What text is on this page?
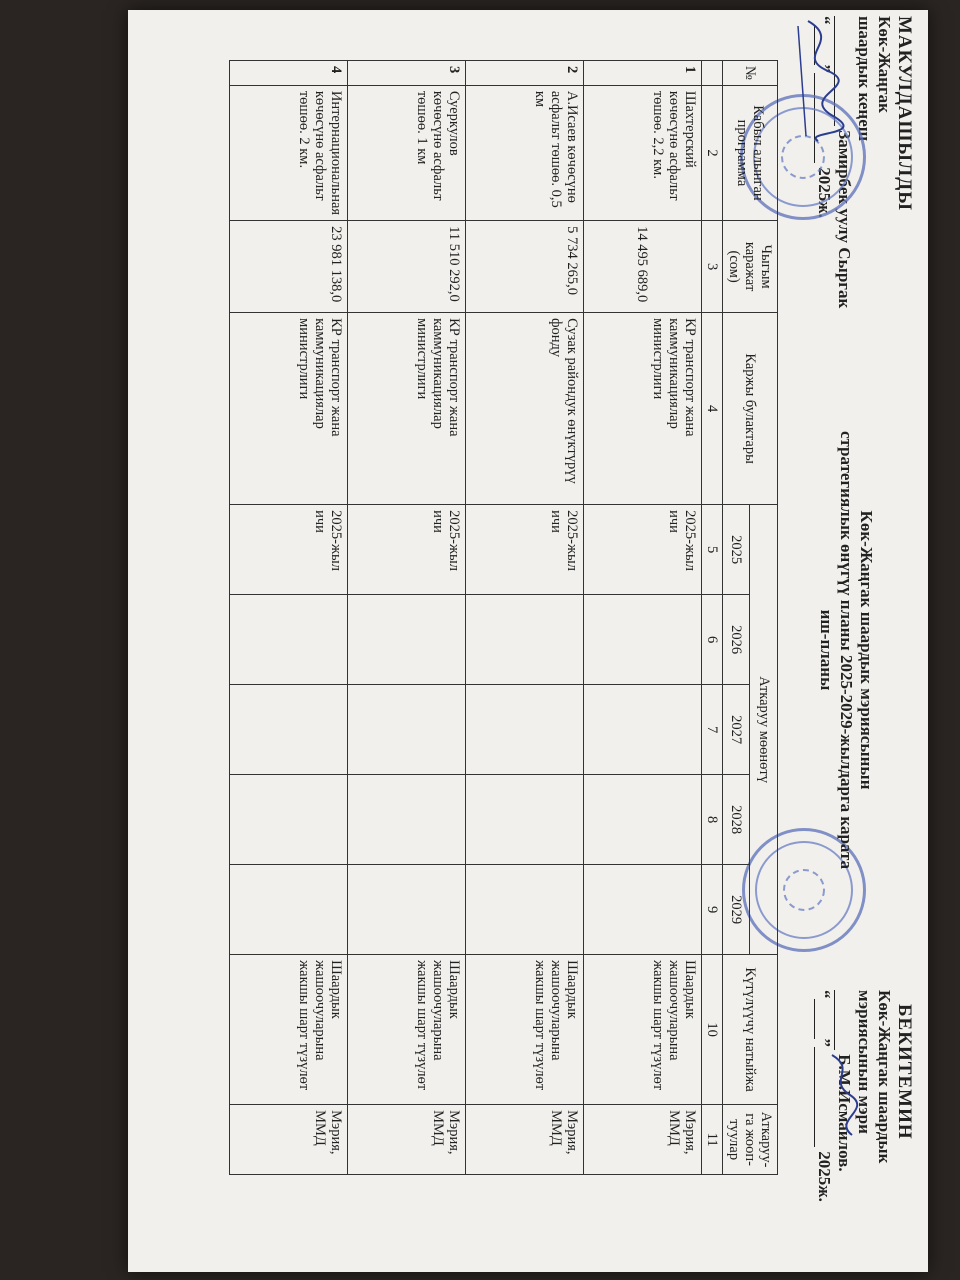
МАКУЛДАШЫЛДЫ
Көк-Жаңгак
шаардык кеңеш
Замирбек уулу Сыргак
“” 2025ж.
БЕКИТЕМИН
Көк-Жаңгак шаардык
мэриясынын мэри
Б.М.Исмаилов.
“” 2025ж.
Көк-Жаңгак шаардык мэриясынын
стратегиялык өнүгүү планы 2025-2029-жылдарга карата
иш-планы
№	Кабыл алынган программа	Чыгым каражат (сом)	Каржы булактары	Аткаруу мөөнөтү					Күтүлүүчү натыйжа	Аткаруу-га жооп-туулар
				2025	2026	2027	2028	2029		
	2	3	4	5	6	7	8	9	10	11
1	Шахтерский көчөсүнө асфальт төшөө. 2,2 км.	14 495 689,0	КР транспорт жана каммуникациялар министрлиги	2025-жыл ичи					Шаардык жашоочуларына жакшы шарт түзүлөт	Мэрия, ММД
2	А.Исаев көчөсүнө асфальт төшөө. 0,5 км	5 734 265,0	Сузак райондук өнүктүрүү фонду	2025-жыл ичи					Шаардык жашоочуларына жакшы шарт түзүлөт	Мэрия, ММД
3	Суеркулов көчөсүнө асфальт төшөө. 1 км	11 510 292,0	КР транспорт жана каммуникациялар министрлиги	2025-жыл ичи					Шаардык жашоочуларына жакшы шарт түзүлөт	Мэрия, ММД
4	Интернациональная көчөсүнө асфальт төшөө. 2 км.	23 981 138,0	КР транспорт жана каммуникациялар министрлиги	2025-жыл ичи					Шаардык жашоочуларына жакшы шарт түзүлөт	Мэрия, ММД
